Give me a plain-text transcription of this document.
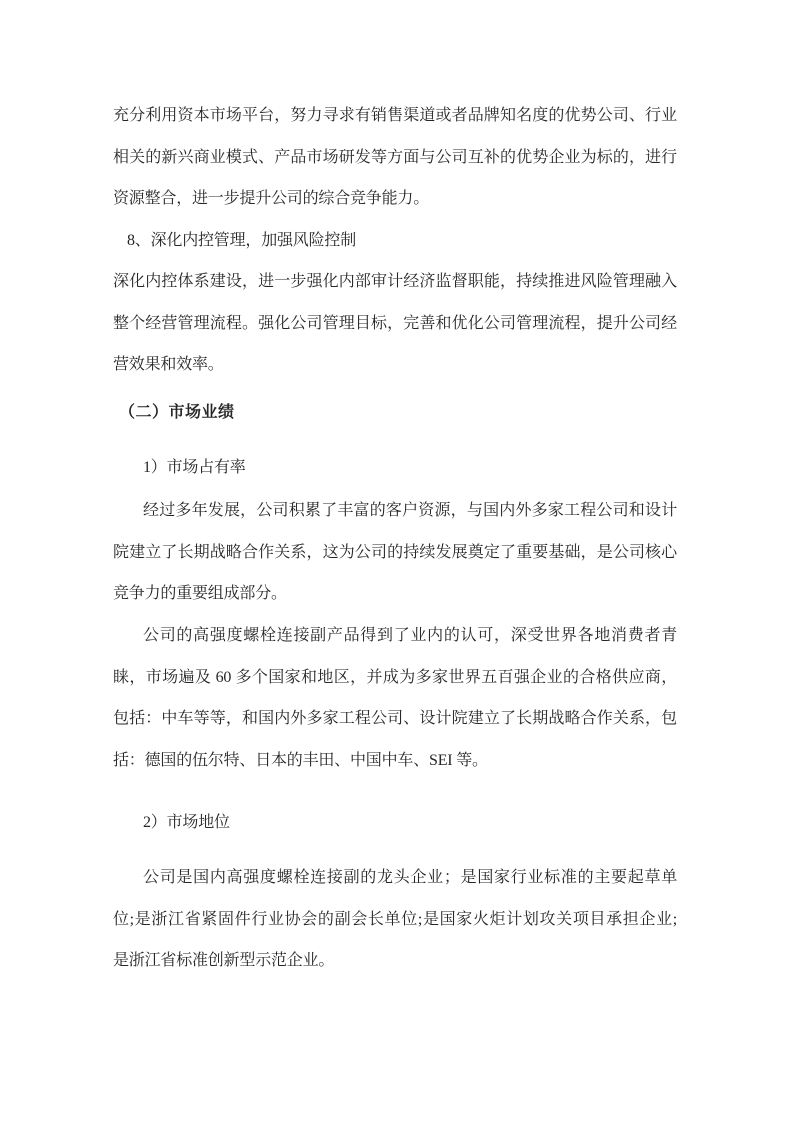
充分利用资本市场平台，努力寻求有销售渠道或者品牌知名度的优势公司、行业
相关的新兴商业模式、产品市场研发等方面与公司互补的优势企业为标的，进行
资源整合，进一步提升公司的综合竞争能力。
8、深化内控管理，加强风险控制
深化内控体系建设，进一步强化内部审计经济监督职能，持续推进风险管理融入
整个经营管理流程。强化公司管理目标，完善和优化公司管理流程，提升公司经
营效果和效率。
（二）市场业绩
1）市场占有率
经过多年发展，公司积累了丰富的客户资源，与国内外多家工程公司和设计
院建立了长期战略合作关系，这为公司的持续发展奠定了重要基础，是公司核心
竞争力的重要组成部分。
公司的高强度螺栓连接副产品得到了业内的认可，深受世界各地消费者青
睐，市场遍及 60 多个国家和地区，并成为多家世界五百强企业的合格供应商，
包括：中车等等，和国内外多家工程公司、设计院建立了长期战略合作关系，包
括：德国的伍尔特、日本的丰田、中国中车、SEI 等。
2）市场地位
公司是国内高强度螺栓连接副的龙头企业；是国家行业标准的主要起草单
位;是浙江省紧固件行业协会的副会长单位;是国家火炬计划攻关项目承担企业;
是浙江省标准创新型示范企业。
